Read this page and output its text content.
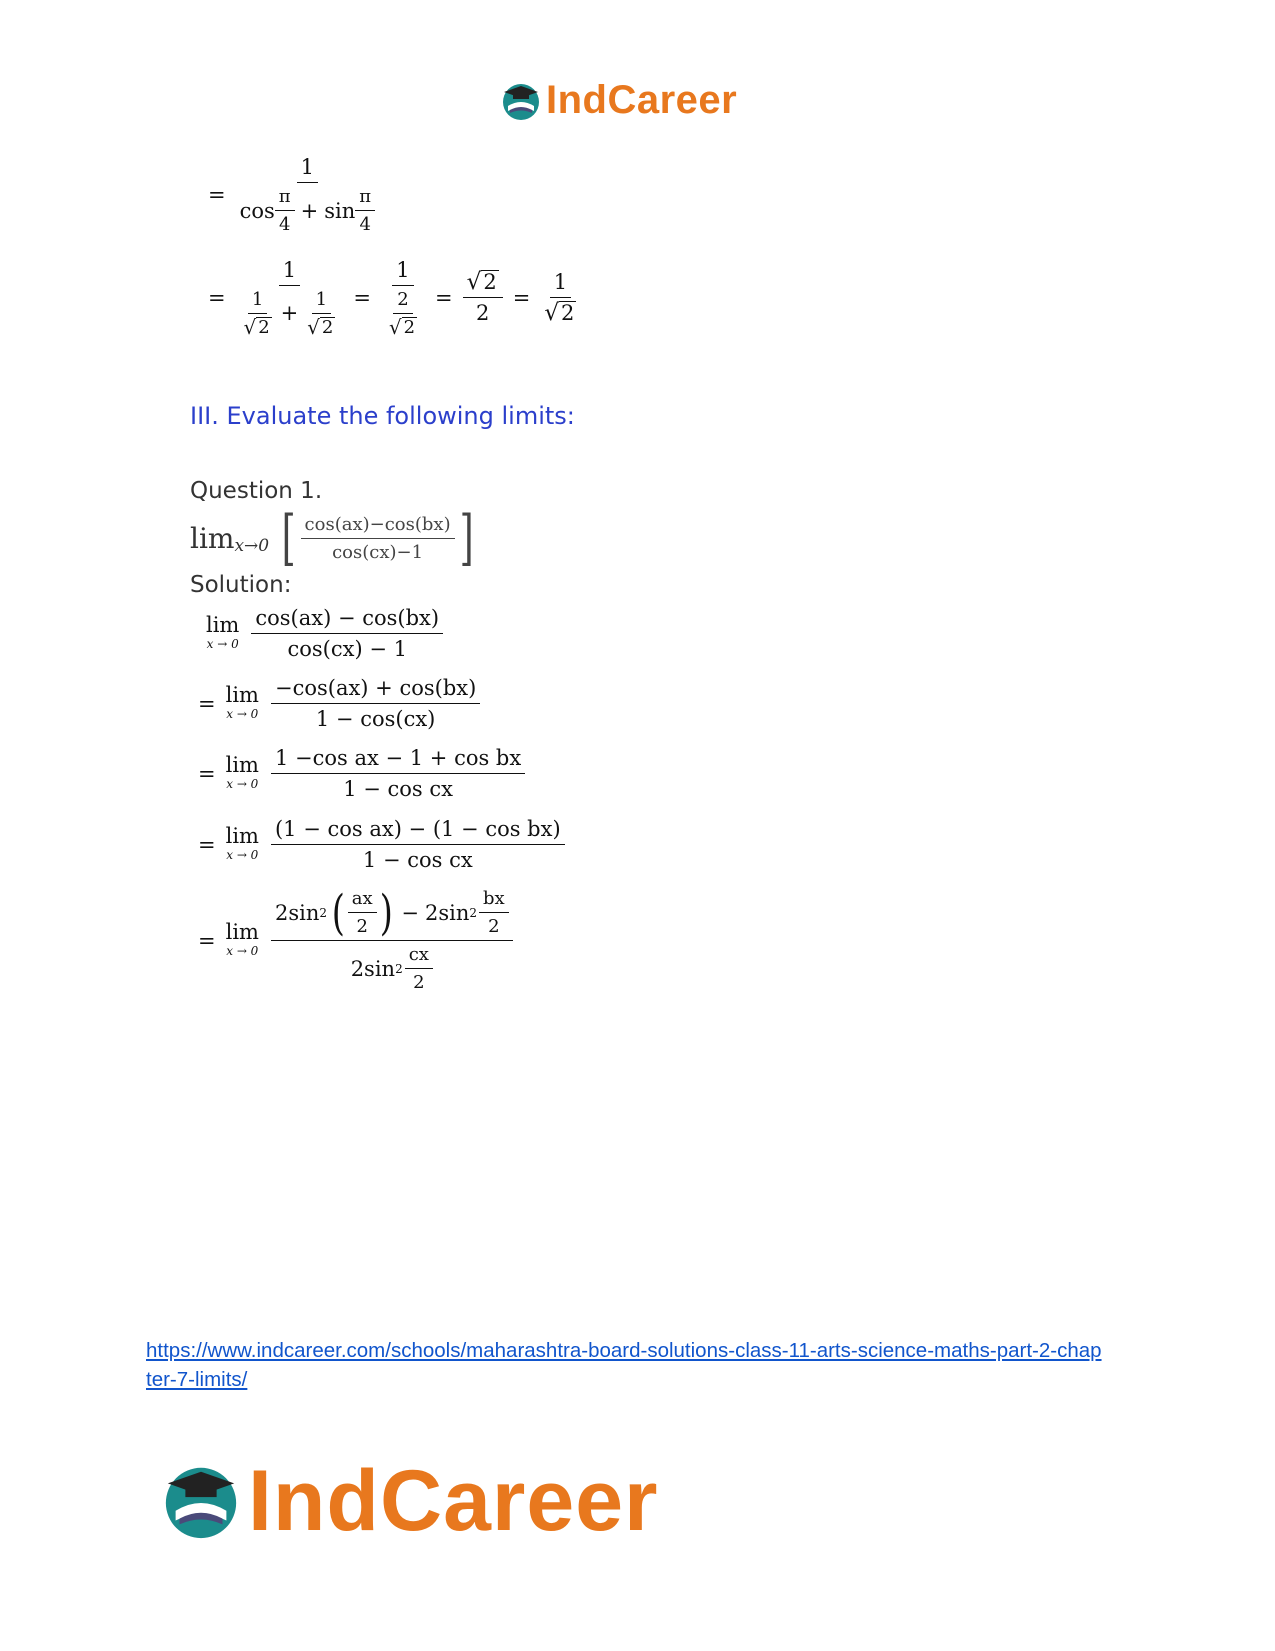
IndCareer
=
1
$\cos \frac{\pi}{4} + \sin \frac{\pi}{4}$
= $\frac{1}{\frac{1}{√ 2} + \frac{1}{√ 2}} = \frac{1}{\frac{2}{√ 2}} = \frac{√ 2}{2} = \frac{1}{√ 2}$
III. Evaluate the following limits:
Question 1.
lim x→0 [ $\frac{\cos(ax)-\cos(bx)}{\cos(cx)-1}$ ]
Solution:
lim
$x \to 0 \frac{\cos(ax) - \cos(bx)}{\cos(cx) - 1}$
= lim
$x \to 0 \frac{-\cos(ax) + \cos(bx)}{1 - \cos(cx)}$
= lim
$x \to 0 \frac{\text{1 −cos ax − 1 + cos bx}}{\text{1 − cos cx}}$
= lim
$x \to 0 \frac{\text{(1 − cos ax) − (1 − cos bx)}}{\text{1 − cos cx}}$
= lim
x → 0
2sin 2 ( $\frac{ax}{2}$ ) − 2sin $2 \frac{bx}{2}$
2sin $2 \frac{cx}{2}$
https://www.indcareer.com/schools/maharashtra-board-solutions-class-11-arts-science-maths-part-2-chapter-7-limits/
IndCareer
